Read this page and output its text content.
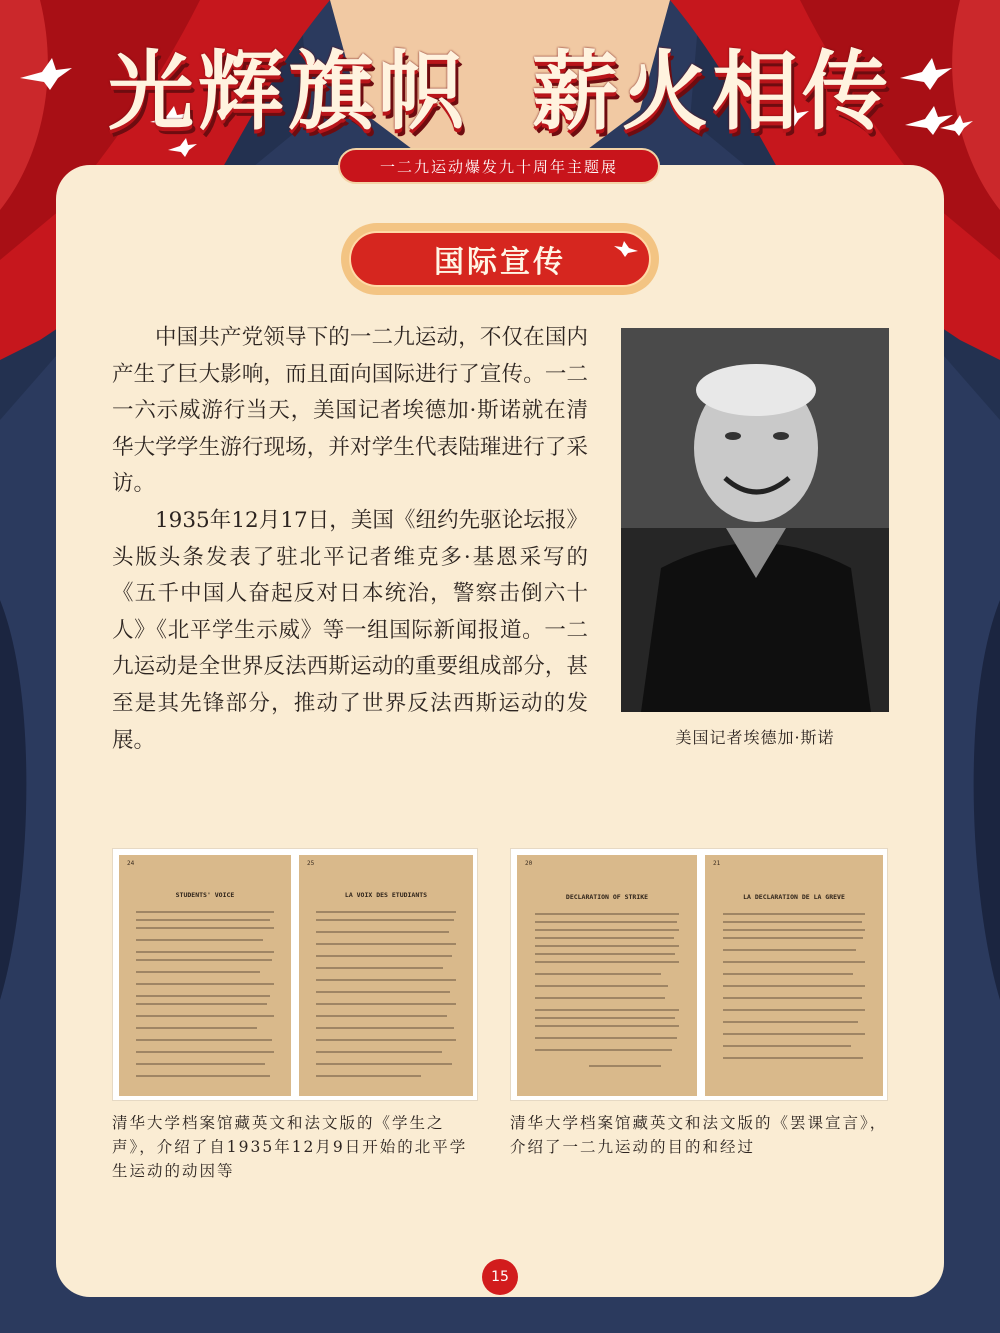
光辉旗帜 薪火相传
一二九运动爆发九十周年主题展
国际宣传

中国共产党领导下的一二九运动，不仅在国内产生了巨大影响，而且面向国际进行了宣传。一二一六示威游行当天，美国记者埃德加·斯诺就在清华大学学生游行现场，并对学生代表陆璀进行了采访。

1935年12月17日，美国《纽约先驱论坛报》头版头条发表了驻北平记者维克多·基恩采写的《五千中国人奋起反对日本统治，警察击倒六十人》《北平学生示威》等一组国际新闻报道。一二九运动是全世界反法西斯运动的重要组成部分，甚至是其先锋部分，推动了世界反法西斯运动的发展。	美国记者埃德加·斯诺
24
STUDENTS' VOICE
25
LA VOIX DES ETUDIANTS

清华大学档案馆藏英文和法文版的《学生之声》，介绍了自1935年12月9日开始的北平学生运动的动因等

20
DECLARATION OF STRIKE
21
LA DECLARATION DE LA GREVE

清华大学档案馆藏英文和法文版的《罢课宣言》，介绍了一二九运动的目的和经过

15
